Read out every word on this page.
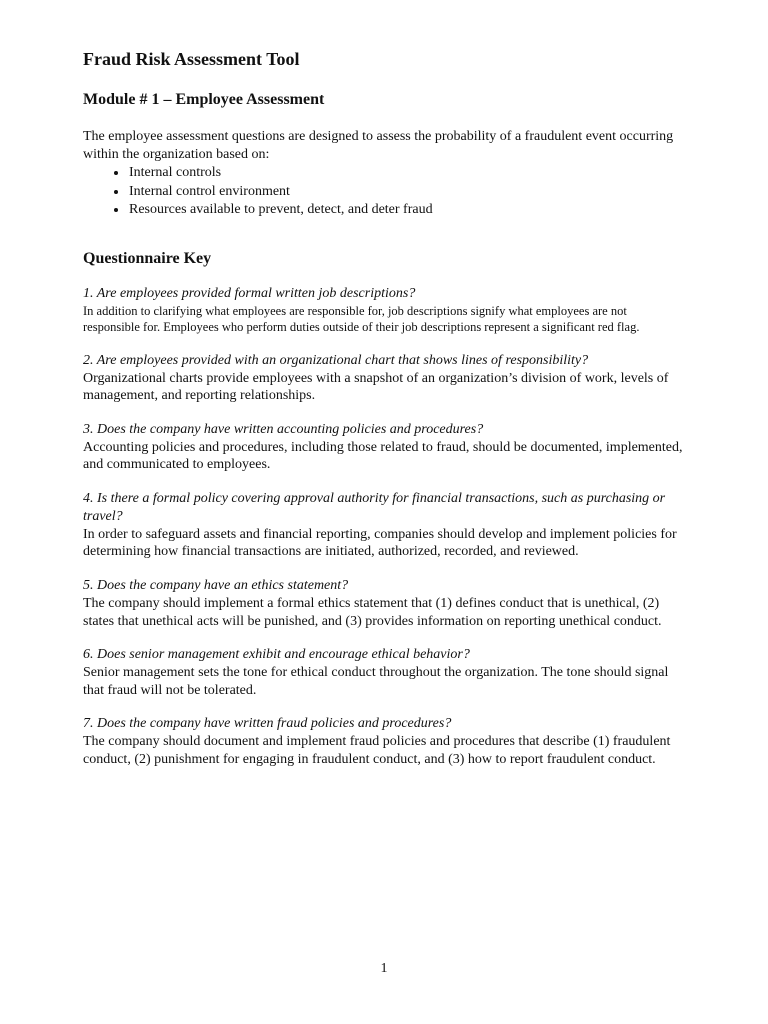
Fraud Risk Assessment Tool
Module # 1 – Employee Assessment

The employee assessment questions are designed to assess the probability of a fraudulent event occurring within the organization based on:

• Internal controls
• Internal control environment
• Resources available to prevent, detect, and deter fraud
Questionnaire Key

1. Are employees provided formal written job descriptions?

In addition to clarifying what employees are responsible for, job descriptions signify what employees are not responsible for. Employees who perform duties outside of their job descriptions represent a significant red flag.

2. Are employees provided with an organizational chart that shows lines of responsibility?

Organizational charts provide employees with a snapshot of an organization’s division of work, levels of management, and reporting relationships.

3. Does the company have written accounting policies and procedures?

Accounting policies and procedures, including those related to fraud, should be documented, implemented, and communicated to employees.

4. Is there a formal policy covering approval authority for financial transactions, such as purchasing or travel?

In order to safeguard assets and financial reporting, companies should develop and implement policies for determining how financial transactions are initiated, authorized, recorded, and reviewed.

5. Does the company have an ethics statement?

The company should implement a formal ethics statement that (1) defines conduct that is unethical, (2) states that unethical acts will be punished, and (3) provides information on reporting unethical conduct.

6. Does senior management exhibit and encourage ethical behavior?

Senior management sets the tone for ethical conduct throughout the organization. The tone should signal that fraud will not be tolerated.

7. Does the company have written fraud policies and procedures?

The company should document and implement fraud policies and procedures that describe (1) fraudulent conduct, (2) punishment for engaging in fraudulent conduct, and (3) how to report fraudulent conduct.

1
